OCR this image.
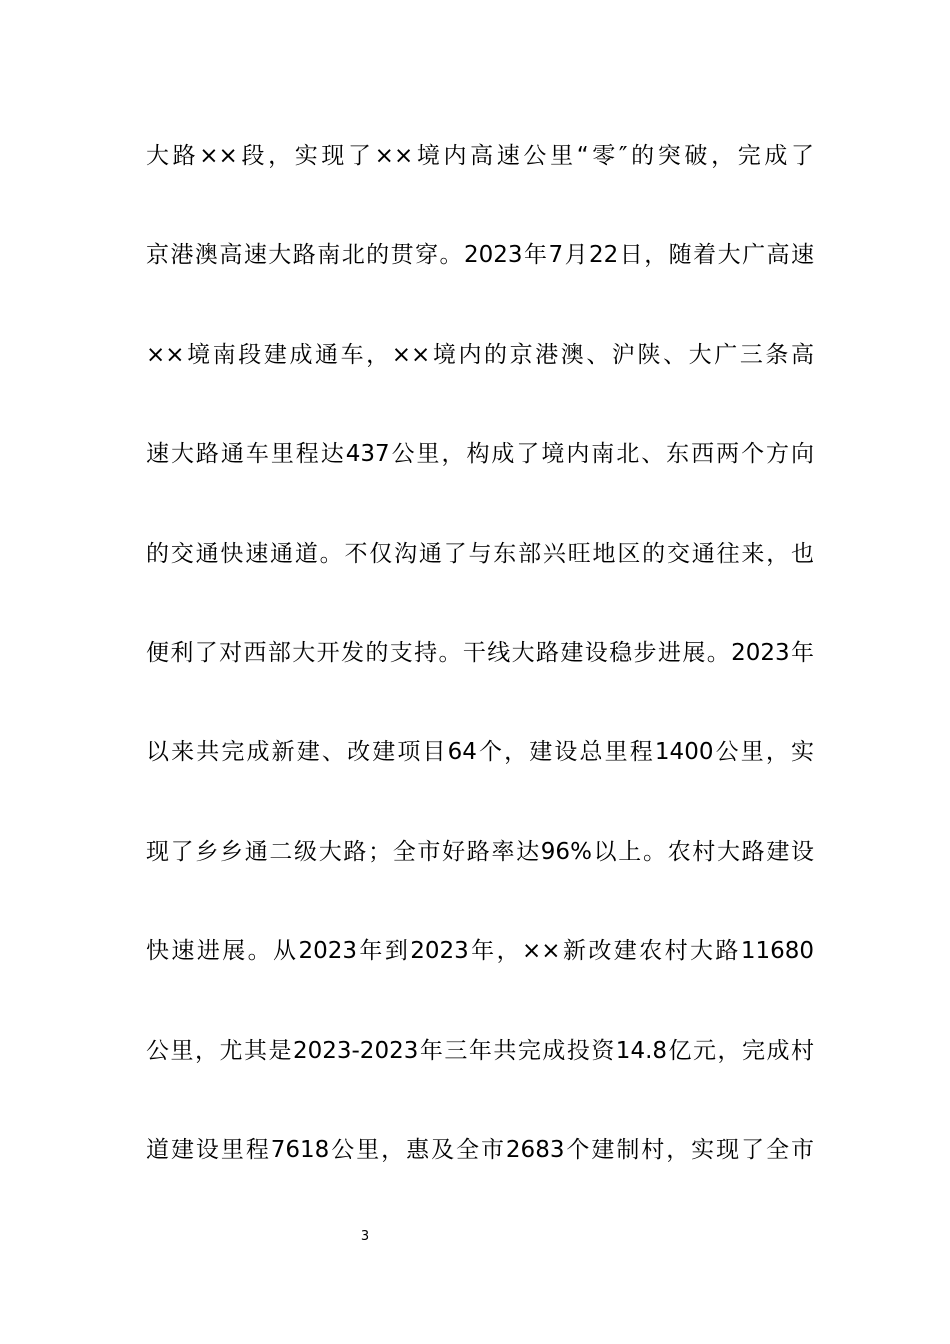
大路××段，实现了××境内高速公里“零″的突破，完成了
京港澳高速大路南北的贯穿。2023年7月22日，随着大广高速
××境南段建成通车，××境内的京港澳、沪陕、大广三条高
速大路通车里程达437公里，构成了境内南北、东西两个方向
的交通快速通道。不仅沟通了与东部兴旺地区的交通往来，也
便利了对西部大开发的支持。干线大路建设稳步进展。2023年
以来共完成新建、改建项目64个，建设总里程1400公里，实
现了乡乡通二级大路；全市好路率达96%以上。农村大路建设
快速进展。从2023年到2023年，××新改建农村大路11680
公里，尤其是2023-2023年三年共完成投资14.8亿元，完成村
道建设里程7618公里，惠及全市2683个建制村，实现了全市
3
